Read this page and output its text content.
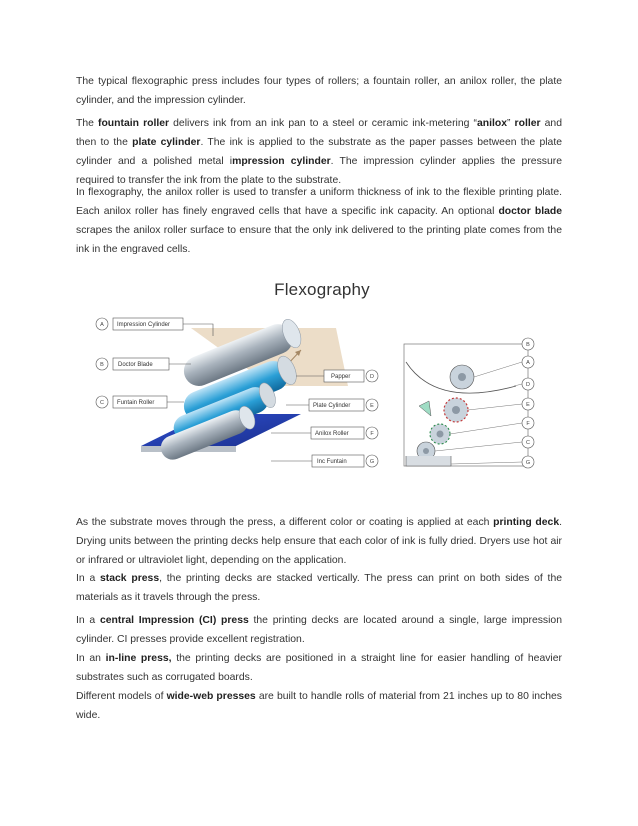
The typical flexographic press includes four types of rollers; a fountain roller, an anilox roller, the plate cylinder, and the impression cylinder.

The fountain roller delivers ink from an ink pan to a steel or ceramic ink-metering “anilox” roller and then to the plate cylinder. The ink is applied to the substrate as the paper passes between the plate cylinder and a polished metal impression cylinder. The impression cylinder applies the pressure required to transfer the ink from the plate to the substrate.

In flexography, the anilox roller is used to transfer a uniform thickness of ink to the flexible printing plate. Each anilox roller has finely engraved cells that have a specific ink capacity. An optional doctor blade scrapes the anilox roller surface to ensure that the only ink delivered to the printing plate comes from the ink in the engraved cells.

Flexography
A Impression Cylinder
B Doctor Blade
C Funtain Roller
Papper	D
Plate Cylinder	E
Anilox Roller	F
Inc Funtain	G
B
A
D
E
F
C
G

As the substrate moves through the press, a different color or coating is applied at each printing deck. Drying units between the printing decks help ensure that each color of ink is fully dried. Dryers use hot air or infrared or ultraviolet light, depending on the application.

In a stack press, the printing decks are stacked vertically. The press can print on both sides of the materials as it travels through the press.

In a central Impression (CI) press the printing decks are located around a single, large impression cylinder. CI presses provide excellent registration.

In an in-line press, the printing decks are positioned in a straight line for easier handling of heavier substrates such as corrugated boards.

Different models of wide-web presses are built to handle rolls of material from 21 inches up to 80 inches wide.
